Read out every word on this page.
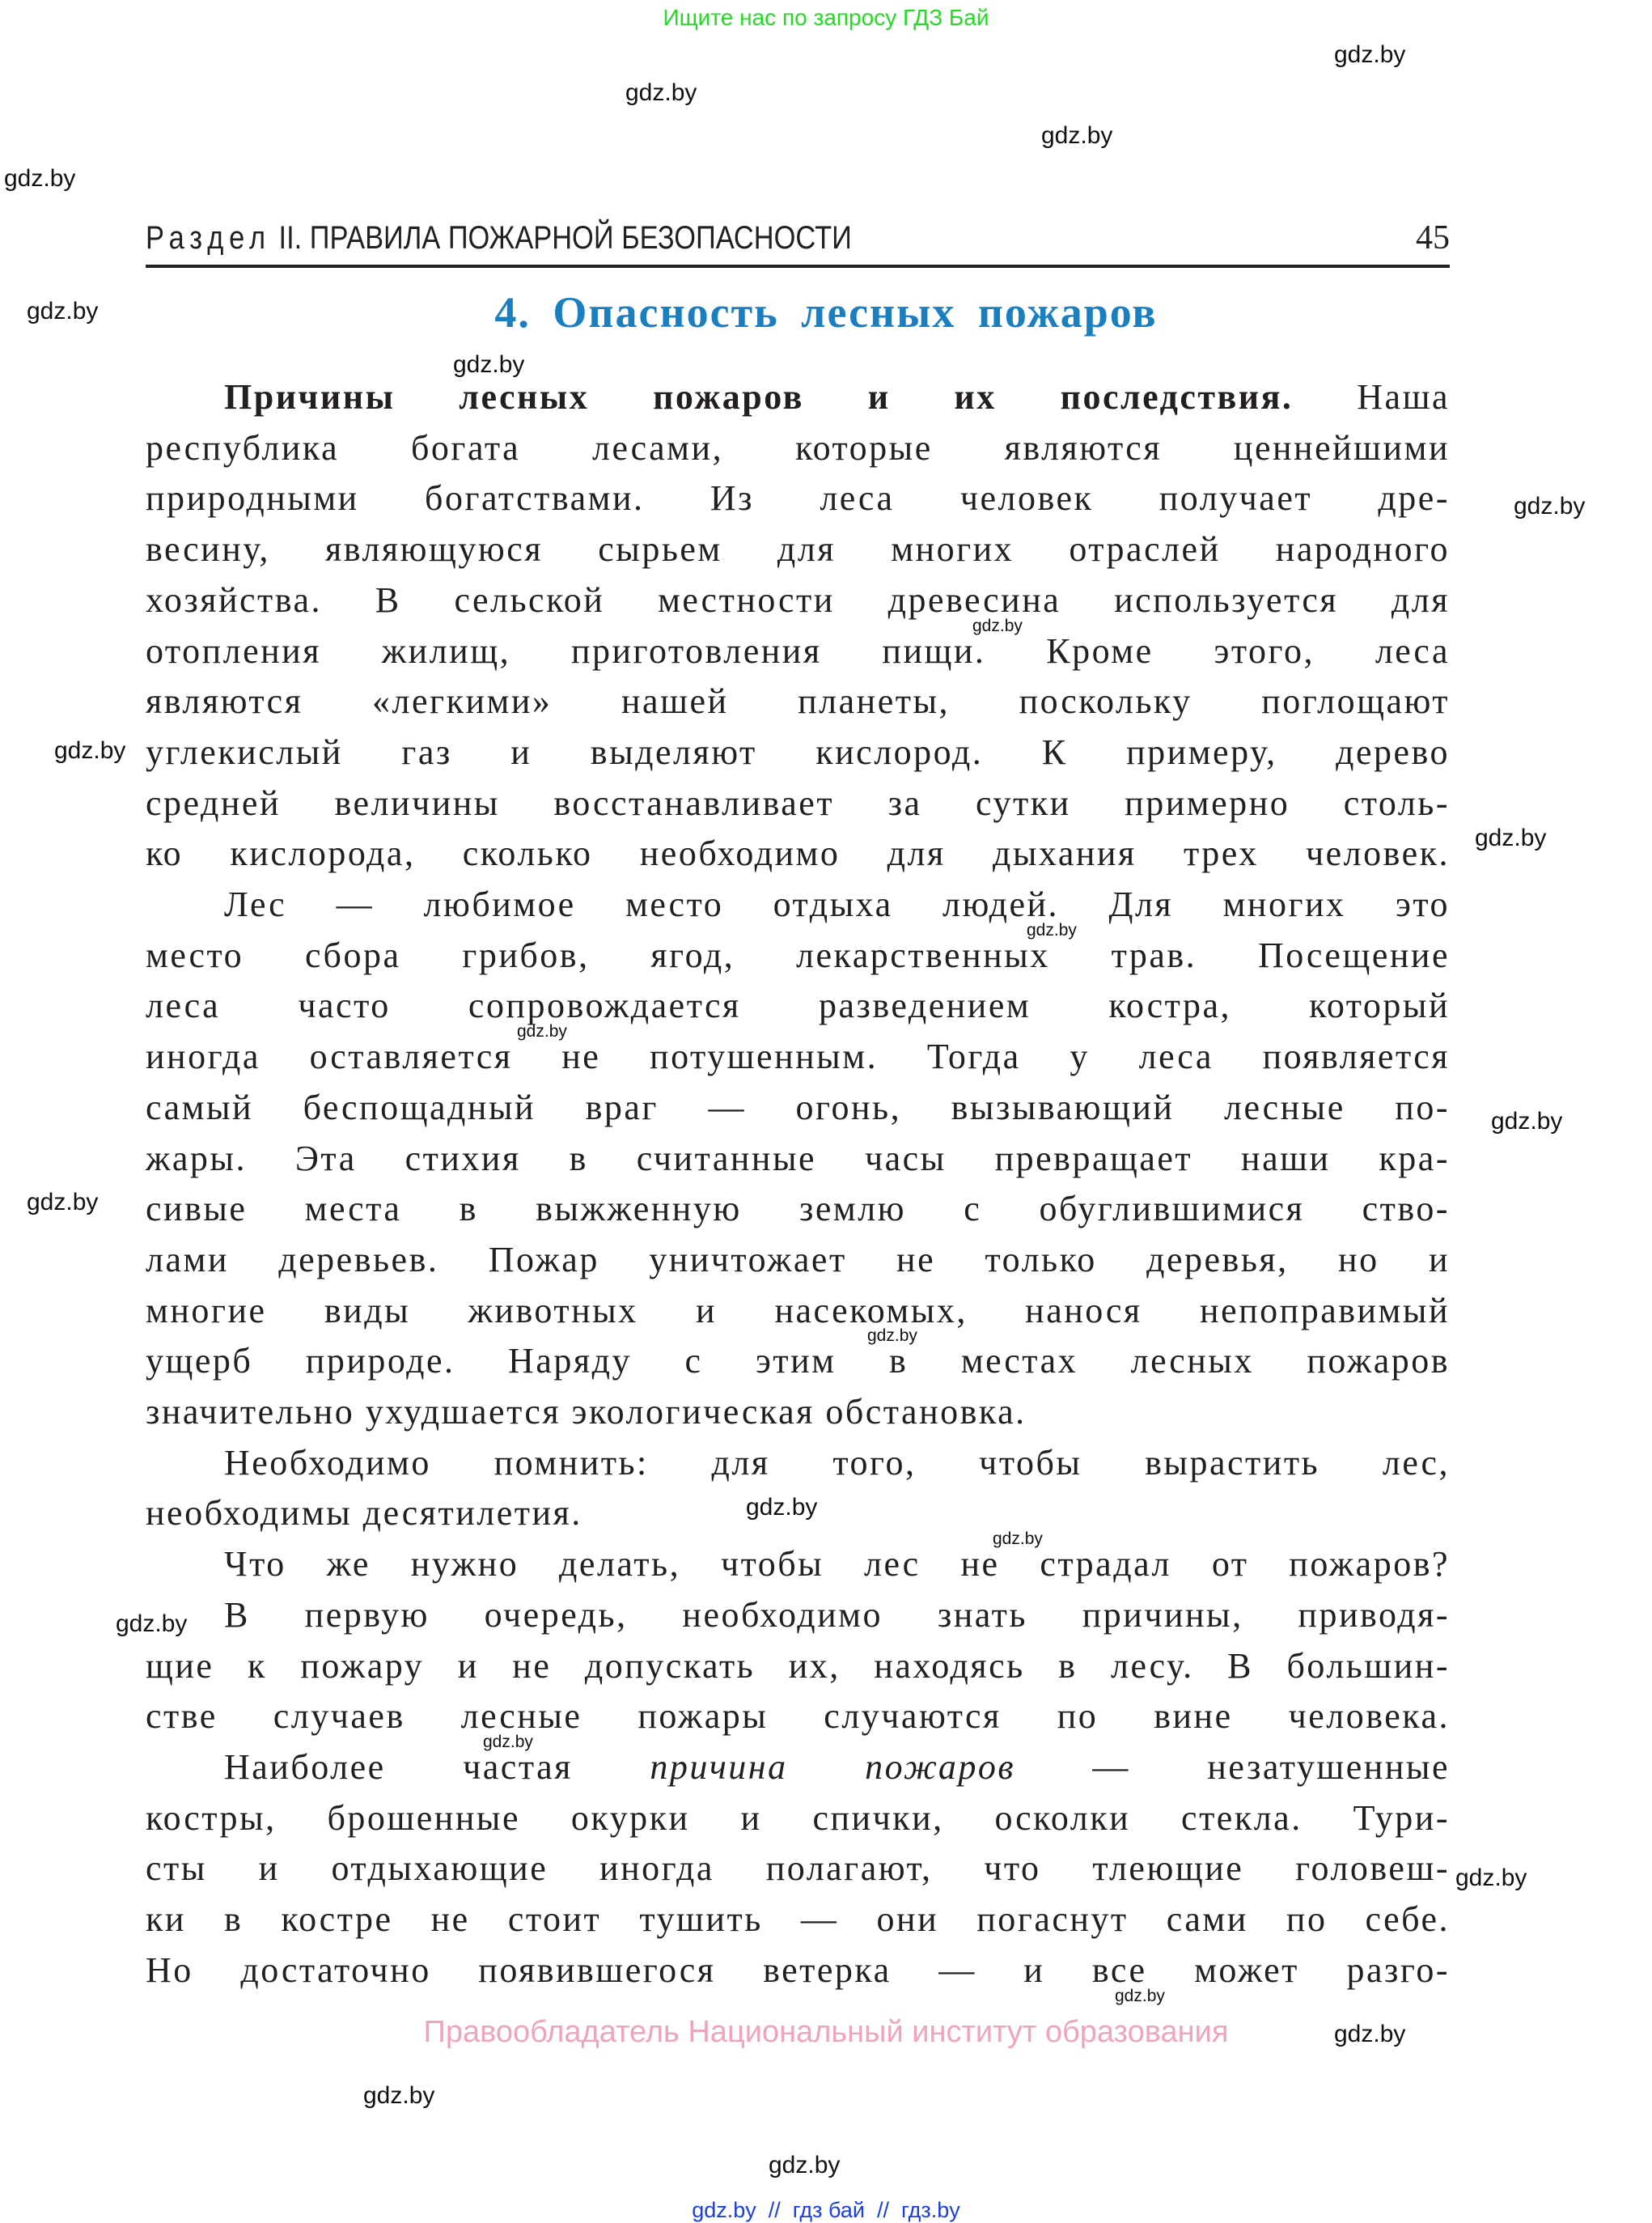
Ищите нас по запросу ГДЗ Бай
gdz.by
gdz.by
gdz.by
gdz.by
gdz.by
gdz.by
gdz.by
gdz.by
gdz.by
gdz.by
gdz.by
gdz.by
gdz.by
gdz.by
gdz.by
gdz.by
gdz.by
gdz.by
gdz.by
gdz.by
gdz.by
gdz.by
gdz.by
gdz.by
Раздел II. ПРАВИЛА ПОЖАРНОЙ БЕЗОПАСНОСТИ	45
4. Опасность лесных пожаров
Причины лесных пожаров и их последствия. Наша
республика богата лесами, которые являются ценнейшими
природными богатствами. Из леса человек получает дре-
весину, являющуюся сырьем для многих отраслей народного
хозяйства. В сельской местности древесина используется для
отопления жилищ, приготовления пищи. Кроме этого, леса
являются «легкими» нашей планеты, поскольку поглощают
углекислый газ и выделяют кислород. К примеру, дерево
средней величины восстанавливает за сутки примерно столь-
ко кислорода, сколько необходимо для дыхания трех человек.
Лес — любимое место отдыха людей. Для многих это
место сбора грибов, ягод, лекарственных трав. Посещение
леса часто сопровождается разведением костра, который
иногда оставляется не потушенным. Тогда у леса появляется
самый беспощадный враг — огонь, вызывающий лесные по-
жары. Эта стихия в считанные часы превращает наши кра-
сивые места в выжженную землю с обуглившимися ство-
лами деревьев. Пожар уничтожает не только деревья, но и
многие виды животных и насекомых, нанося непоправимый
ущерб природе. Наряду с этим в местах лесных пожаров
значительно ухудшается экологическая обстановка.
Необходимо помнить: для того, чтобы вырастить лес,
необходимы десятилетия.
Что же нужно делать, чтобы лес не страдал от пожаров?
В первую очередь, необходимо знать причины, приводя-
щие к пожару и не допускать их, находясь в лесу. В большин-
стве случаев лесные пожары случаются по вине человека.
Наиболее частая причина пожаров — незатушенные
костры, брошенные окурки и спички, осколки стекла. Тури-
сты и отдыхающие иногда полагают, что тлеющие головеш-
ки в костре не стоит тушить — они погаснут сами по себе.
Но достаточно появившегося ветерка — и все может разго-
Правообладатель Национальный институт образования
gdz.by  //  гдз бай  //  гдз.by
